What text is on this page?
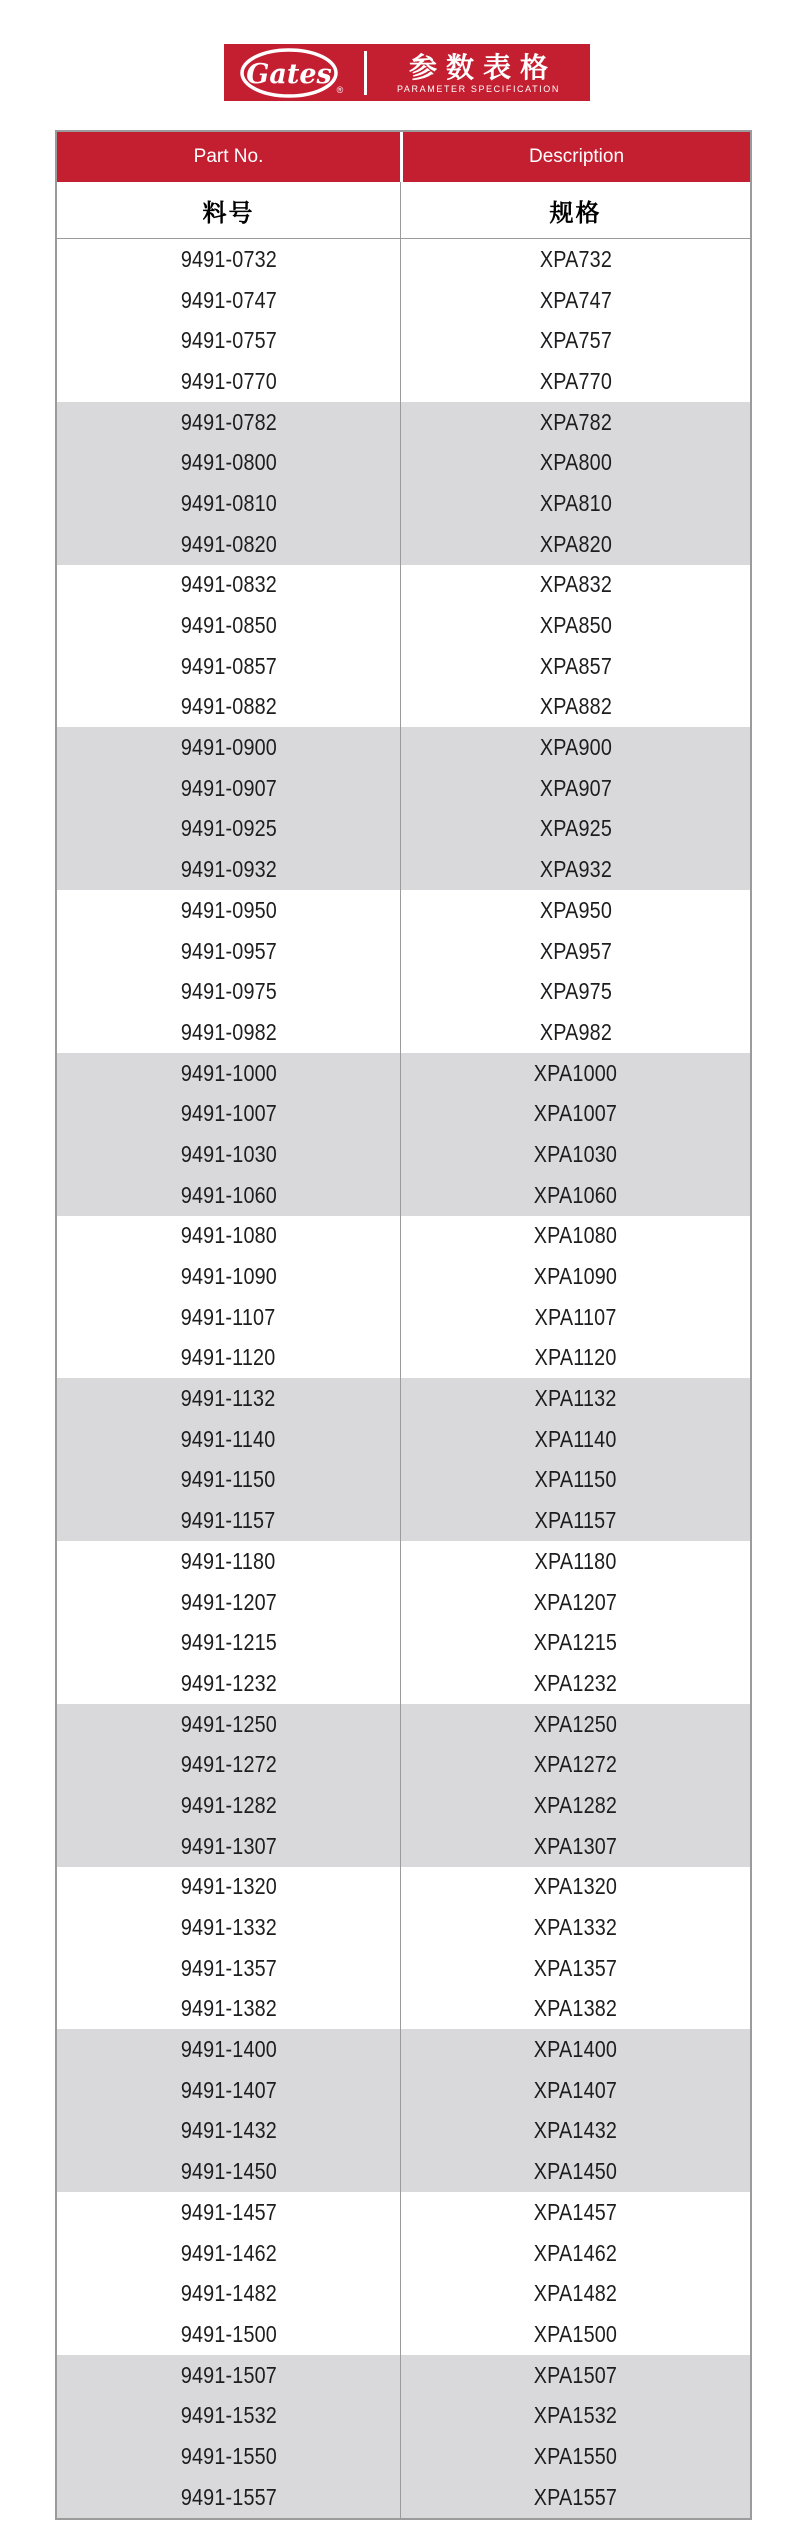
Gates ®
参数表格
PARAMETER SPECIFICATION
Part No.	Description
料号	规格
9491-0732	XPA732
9491-0747	XPA747
9491-0757	XPA757
9491-0770	XPA770
9491-0782	XPA782
9491-0800	XPA800
9491-0810	XPA810
9491-0820	XPA820
9491-0832	XPA832
9491-0850	XPA850
9491-0857	XPA857
9491-0882	XPA882
9491-0900	XPA900
9491-0907	XPA907
9491-0925	XPA925
9491-0932	XPA932
9491-0950	XPA950
9491-0957	XPA957
9491-0975	XPA975
9491-0982	XPA982
9491-1000	XPA1000
9491-1007	XPA1007
9491-1030	XPA1030
9491-1060	XPA1060
9491-1080	XPA1080
9491-1090	XPA1090
9491-1107	XPA1107
9491-1120	XPA1120
9491-1132	XPA1132
9491-1140	XPA1140
9491-1150	XPA1150
9491-1157	XPA1157
9491-1180	XPA1180
9491-1207	XPA1207
9491-1215	XPA1215
9491-1232	XPA1232
9491-1250	XPA1250
9491-1272	XPA1272
9491-1282	XPA1282
9491-1307	XPA1307
9491-1320	XPA1320
9491-1332	XPA1332
9491-1357	XPA1357
9491-1382	XPA1382
9491-1400	XPA1400
9491-1407	XPA1407
9491-1432	XPA1432
9491-1450	XPA1450
9491-1457	XPA1457
9491-1462	XPA1462
9491-1482	XPA1482
9491-1500	XPA1500
9491-1507	XPA1507
9491-1532	XPA1532
9491-1550	XPA1550
9491-1557	XPA1557
